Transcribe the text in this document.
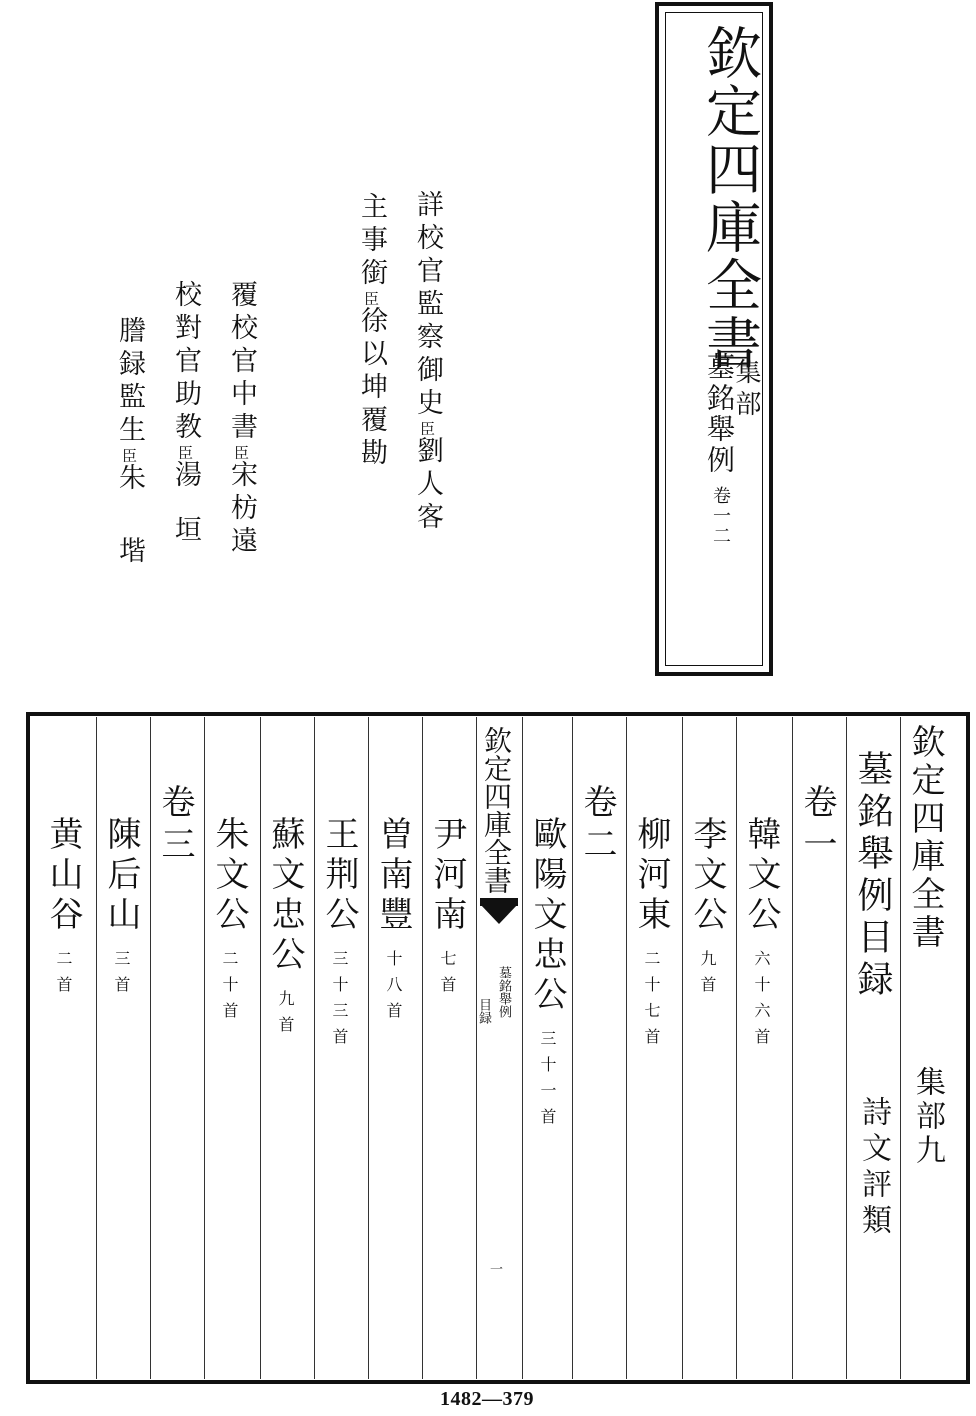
欽定四庫全書
集部
墓銘舉例
卷一二
詳校官監察御史臣劉人客
主事銜臣徐以坤覆勘
覆校官中書臣宋枋遠
校對官助教臣湯垣
謄録監生臣朱堦
欽定四庫全書
集部九
墓銘舉例目録
詩文評類
卷一
韓文公六十六首
李文公九首
柳河東二十七首
卷二
歐陽文忠公三十一首
欽定四庫全書
墓銘舉例
目録
一
尹河南七首
曽南豐十八首
王荆公三十三首
蘇文忠公九首
朱文公二十首
卷三
陳后山三首
黄山谷二首
1482—379
